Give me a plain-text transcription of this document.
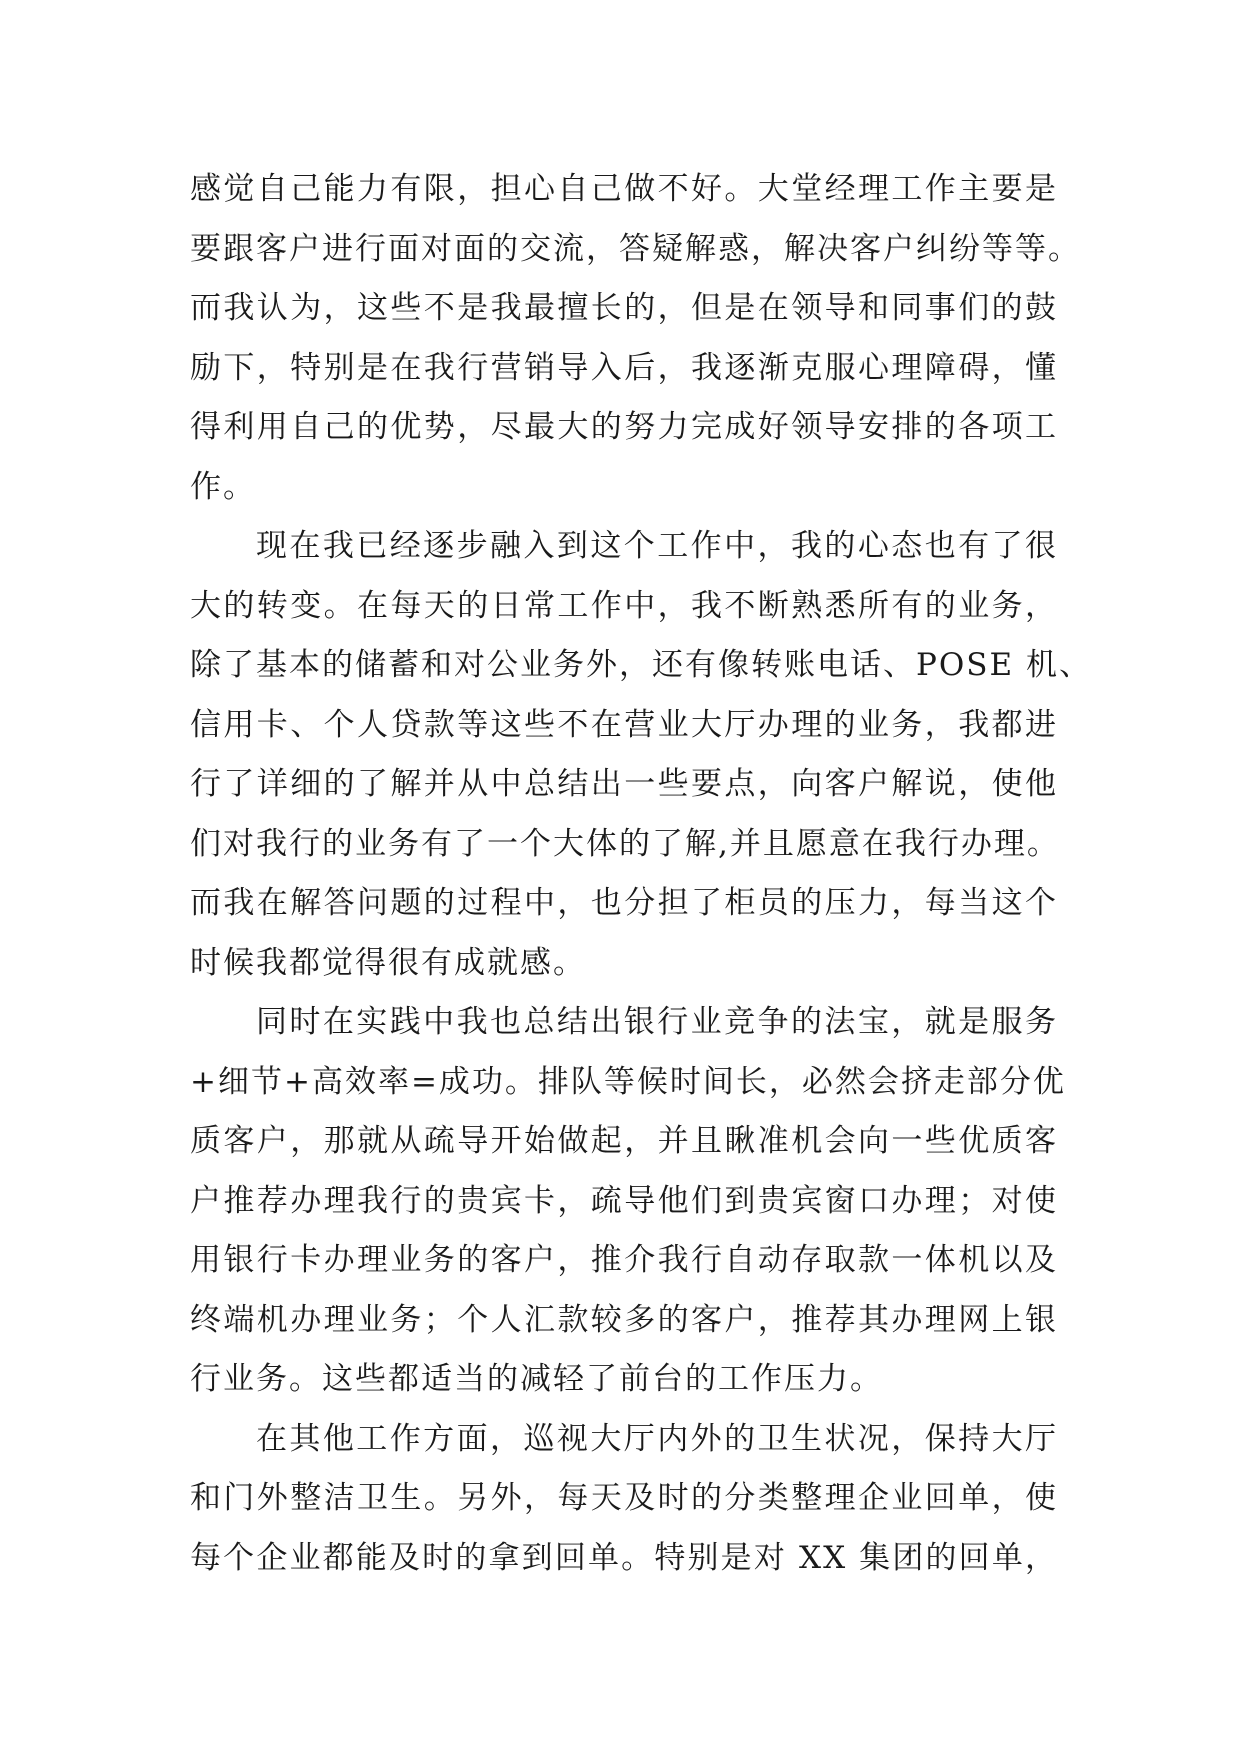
感觉自己能力有限，担心自己做不好。大堂经理工作主要是
要跟客户进行面对面的交流，答疑解惑，解决客户纠纷等等。
而我认为，这些不是我最擅长的，但是在领导和同事们的鼓
励下，特别是在我行营销导入后，我逐渐克服心理障碍，懂
得利用自己的优势，尽最大的努力完成好领导安排的各项工
作。
现在我已经逐步融入到这个工作中，我的心态也有了很
大的转变。在每天的日常工作中，我不断熟悉所有的业务，
除了基本的储蓄和对公业务外，还有像转账电话、POSE 机、
信用卡、个人贷款等这些不在营业大厅办理的业务，我都进
行了详细的了解并从中总结出一些要点，向客户解说，使他
们对我行的业务有了一个大体的了解,并且愿意在我行办理。
而我在解答问题的过程中，也分担了柜员的压力，每当这个
时候我都觉得很有成就感。
同时在实践中我也总结出银行业竞争的法宝，就是服务
+细节+高效率=成功。排队等候时间长，必然会挤走部分优
质客户，那就从疏导开始做起，并且瞅准机会向一些优质客
户推荐办理我行的贵宾卡，疏导他们到贵宾窗口办理；对使
用银行卡办理业务的客户，推介我行自动存取款一体机以及
终端机办理业务；个人汇款较多的客户，推荐其办理网上银
行业务。这些都适当的减轻了前台的工作压力。
在其他工作方面，巡视大厅内外的卫生状况，保持大厅
和门外整洁卫生。另外，每天及时的分类整理企业回单，使
每个企业都能及时的拿到回单。特别是对 XX 集团的回单，
